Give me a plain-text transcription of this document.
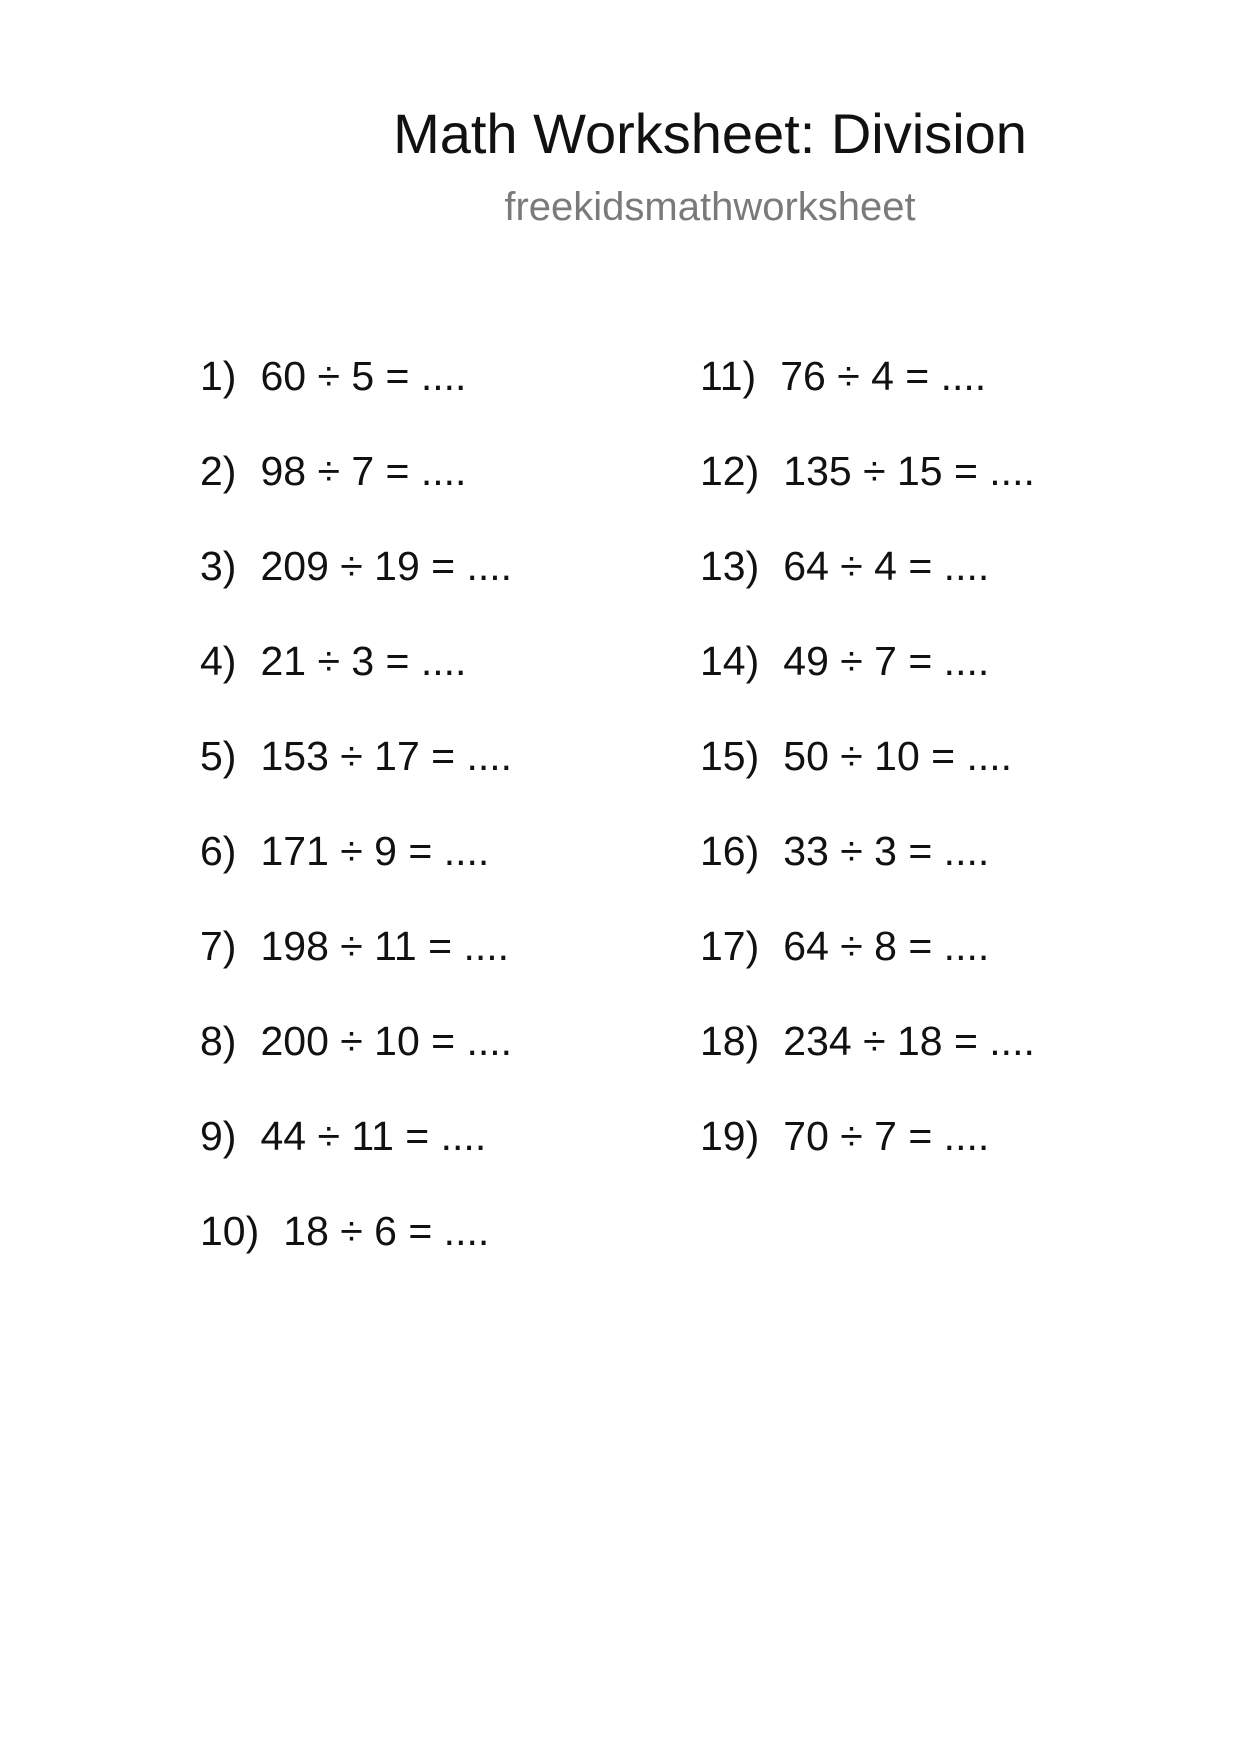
Math Worksheet: Division
freekidsmathworksheet
1) 60 ÷ 5 = ....
2) 98 ÷ 7 = ....
3) 209 ÷ 19 = ....
4) 21 ÷ 3 = ....
5) 153 ÷ 17 = ....
6) 171 ÷ 9 = ....
7) 198 ÷ 11 = ....
8) 200 ÷ 10 = ....
9) 44 ÷ 11 = ....
10) 18 ÷ 6 = ....
11) 76 ÷ 4 = ....
12) 135 ÷ 15 = ....
13) 64 ÷ 4 = ....
14) 49 ÷ 7 = ....
15) 50 ÷ 10 = ....
16) 33 ÷ 3 = ....
17) 64 ÷ 8 = ....
18) 234 ÷ 18 = ....
19) 70 ÷ 7 = ....
